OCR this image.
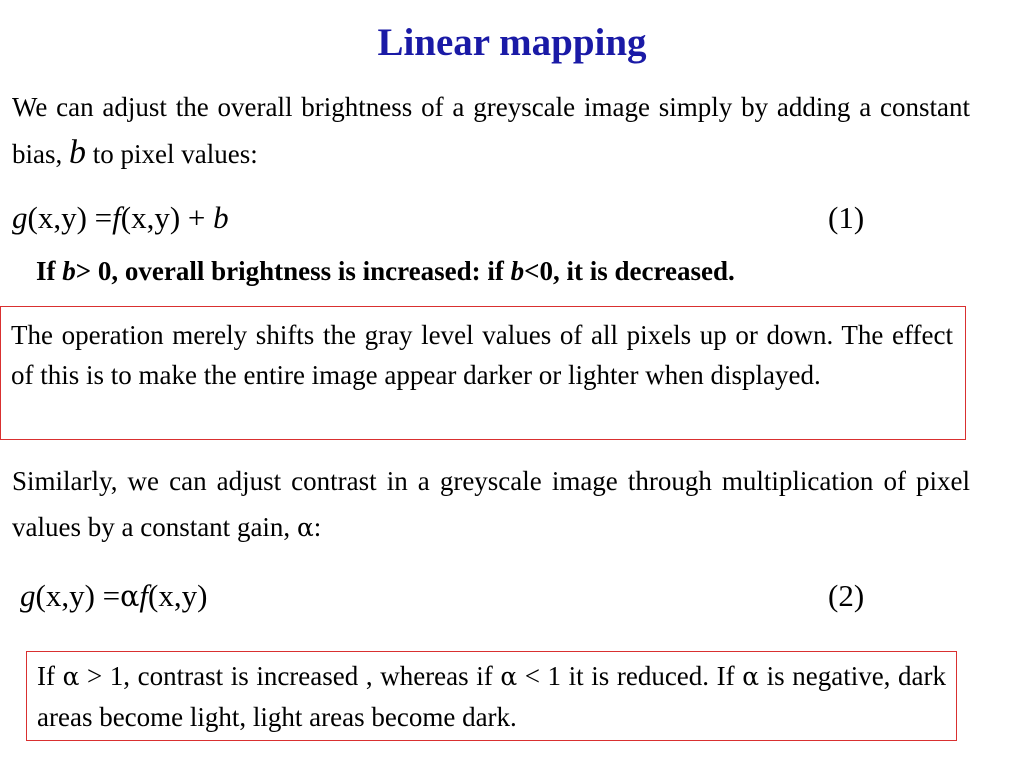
Linear mapping
We can adjust the overall brightness of a greyscale image simply by adding a constant bias, b to pixel values:
g(x,y) =f(x,y) + b	(1)
If b> 0, overall brightness is increased: if b<0, it is decreased.
The operation merely shifts the gray level values of all pixels up or down. The effect of this is to make the entire image appear darker or lighter when displayed.
Similarly, we can adjust contrast in a greyscale image through multiplication of pixel values by a constant gain, α:
g(x,y) =αf(x,y)	(2)
If α > 1, contrast is increased , whereas if α < 1 it is reduced. If α is negative, dark areas become light, light areas become dark.
